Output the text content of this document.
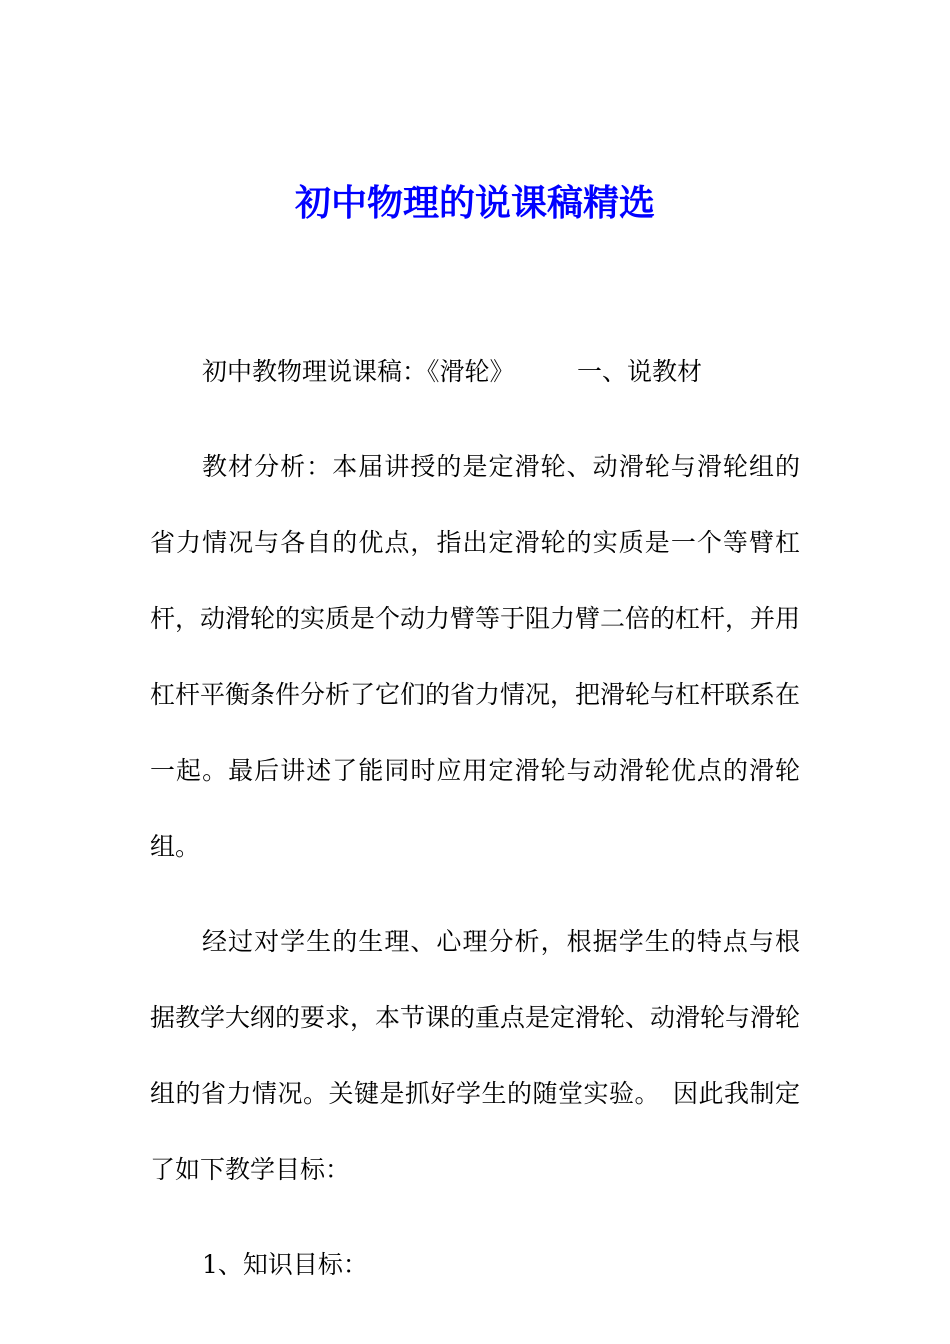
初中物理的说课稿精选

初中教物理说课稿：《滑轮》　　　一、说教材

教材分析：本届讲授的是定滑轮、动滑轮与滑轮组的省力情况与各自的优点，指出定滑轮的实质是一个等臂杠杆，动滑轮的实质是个动力臂等于阻力臂二倍的杠杆，并用杠杆平衡条件分析了它们的省力情况，把滑轮与杠杆联系在一起。最后讲述了能同时应用定滑轮与动滑轮优点的滑轮组。

经过对学生的生理、心理分析，根据学生的特点与根据教学大纲的要求，本节课的重点是定滑轮、动滑轮与滑轮组的省力情况。关键是抓好学生的随堂实验。　因此我制定了如下教学目标：

1、知识目标：
